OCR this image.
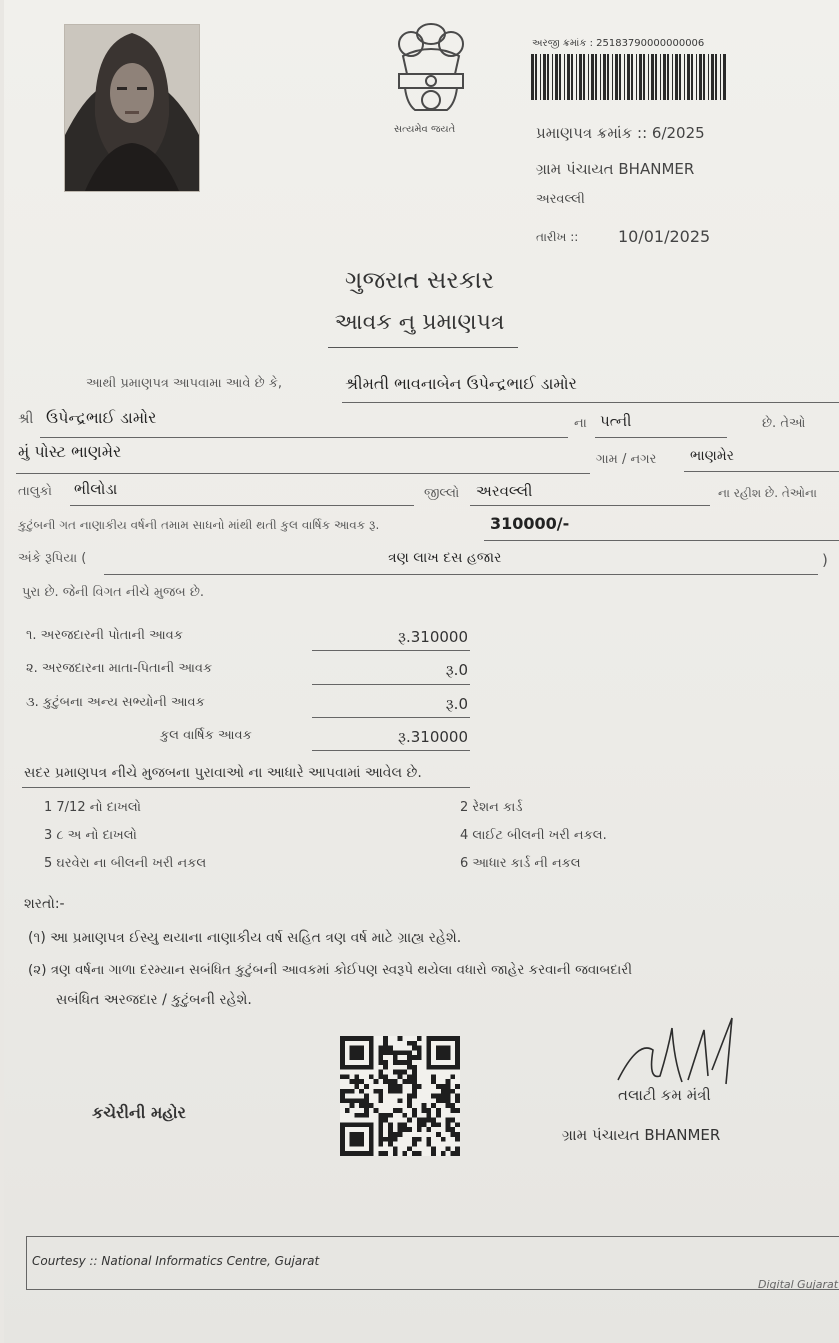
સત્યમેવ જયતે
અરજી ક્રમાંક : 25183790000000006
પ્રમાણપત્ર ક્રમાંક :: 6/2025
ગ્રામ પંચાયત BHANMER
અરવલ્લી
તારીખ :: 10/01/2025
ગુજરાત સરકાર
આવક નુ પ્રમાણપત્ર
આથી પ્રમાણપત્ર આપવામા આવે છે કે,	શ્રીમતી ભાવનાબેન ઉપેન્દ્રભાઈ ડામોર
શ્રી ઉપેન્દ્રભાઈ ડામોર	ના પત્ની	છે. તેઓ
મું પોસ્ટ ભાણમેર	ગામ / નગર ભાણમેર
તાલુકો ભીલોડા	જીલ્લો અરવલ્લી	ના રહીશ છે. તેઓના
કુટુંબની ગત નાણાકીય વર્ષની તમામ સાધનો માંથી થતી કુલ વાર્ષિક આવક રૂ.	310000/-
અંકે રૂપિયા (	ત્રણ લાખ દસ હજાર	)
પુરા છે. જેની વિગત નીચે મુજબ છે.
૧. અરજદારની પોતાની આવક	રૂ.310000
૨. અરજદારના માતા-પિતાની આવક	રૂ.0
૩. કુટુંબના અન્ય સભ્યોની આવક	રૂ.0
કુલ વાર્ષિક આવક	રૂ.310000
સદર પ્રમાણપત્ર નીચે મુજબના પુરાવાઓ ના આધારે આપવામાં આવેલ છે.
1 7/12 નો દાખલો	2 રેશન કાર્ડ
3 ૮ અ નો દાખલો	4 લાઈટ બીલની ખરી નકલ.
5 ઘરવેરા ના બીલની ખરી નકલ	6 આધાર કાર્ડ ની નકલ
શરતો:-
(૧) આ પ્રમાણપત્ર ઈસ્યુ થયાના નાણાકીય વર્ષ સહિત ત્રણ વર્ષ માટે ગ્રાહ્ય રહેશે.
(૨) ત્રણ વર્ષના ગાળા દરમ્યાન સબંધિત કુટુંબની આવકમાં કોઈપણ સ્વરૂપે થયેલા વધારો જાહેર કરવાની જવાબદારી
સબંધિત અરજદાર / કુટુંબની રહેશે.
કચેરીની મહોર
તલાટી કમ મંત્રી
ગ્રામ પંચાયત BHANMER
Courtesy :: National Informatics Centre, Gujarat
Digital Gujarat
